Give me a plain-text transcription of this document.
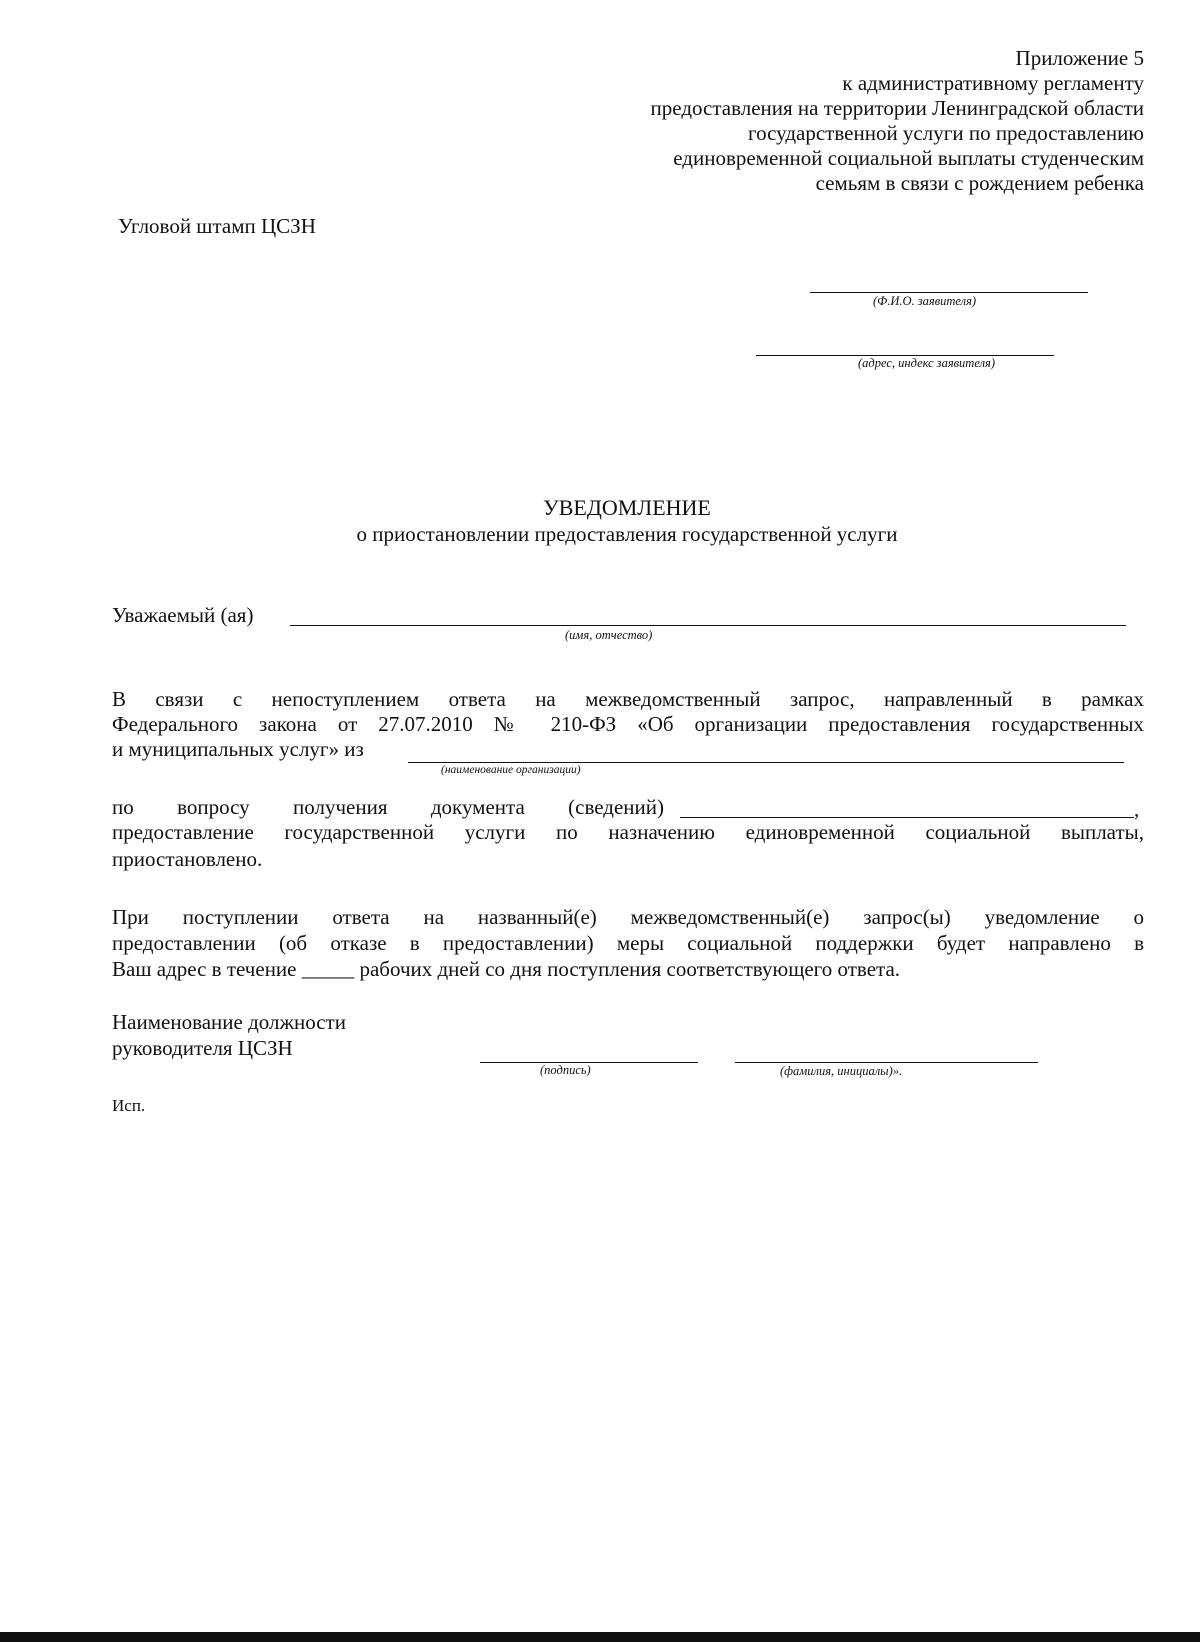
Приложение 5
к административному регламенту
предоставления на территории Ленинградской области
государственной услуги по предоставлению
единовременной социальной выплаты студенческим
семьям в связи с рождением ребенка
Угловой штамп ЦСЗН
(Ф.И.О. заявителя)
(адрес, индекс заявителя)
УВЕДОМЛЕНИЕ
о приостановлении предоставления государственной услуги
Уважаемый (ая)
(имя, отчество)
В связи с непоступлением ответа на межведомственный запрос, направленный в рамках
Федерального закона от 27.07.2010 № 210-ФЗ «Об организации предоставления государственных
и муниципальных услуг» из
(наименование организации)
по вопросу получения документа (сведений)	,
предоставление государственной услуги по назначению единовременной социальной выплаты,
приостановлено.
При поступлении ответа на названный(е) межведомственный(е) запрос(ы) уведомление о
предоставлении (об отказе в предоставлении) меры социальной поддержки будет направлено в
Ваш адрес в течение _____ рабочих дней со дня поступления соответствующего ответа.
Наименование должности
руководителя ЦСЗН
(подпись)	(фамилия, инициалы)».
Исп.
